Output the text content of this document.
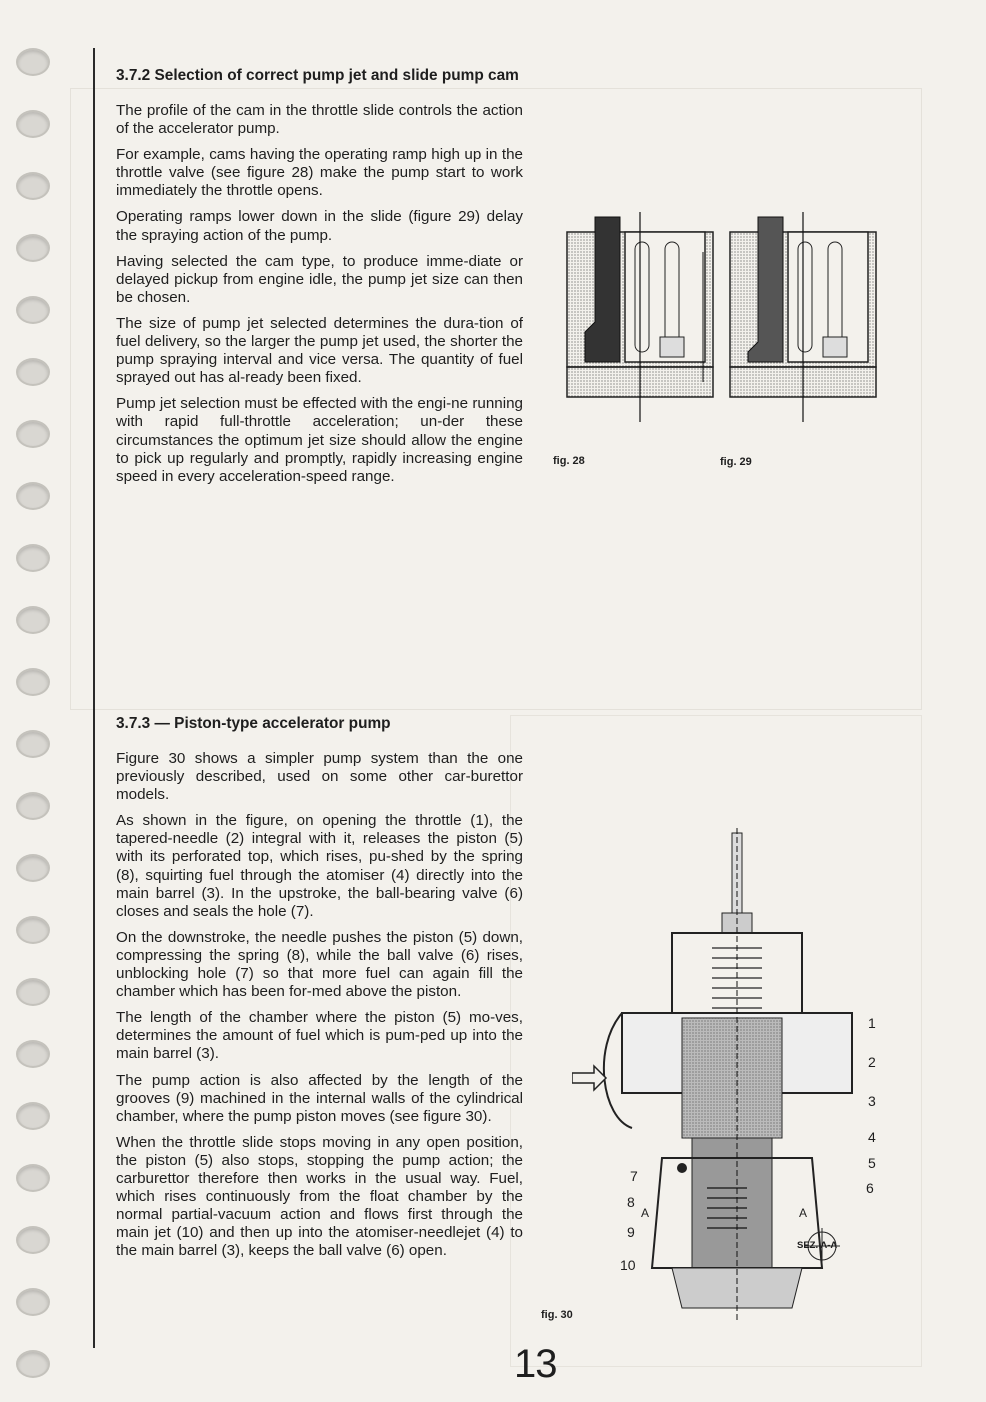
3.7.2 Selection of correct pump jet and slide pump cam

The profile of the cam in the throttle slide controls the action of the accelerator pump.

For example, cams having the operating ramp high up in the throttle valve (see figure 28) make the pump start to work immediately the throttle opens.

Operating ramps lower down in the slide (figure 29) delay the spraying action of the pump.

Having selected the cam type, to produce imme-diate or delayed pickup from engine idle, the pump jet size can then be chosen.

The size of pump jet selected determines the dura-tion of fuel delivery, so the larger the pump jet used, the shorter the pump spraying interval and vice versa. The quantity of fuel sprayed out has al-ready been fixed.

Pump jet selection must be effected with the engi-ne running with rapid full-throttle acceleration; un-der these circumstances the optimum jet size should allow the engine to pick up regularly and promptly, rapidly increasing engine speed in every acceleration-speed range.

3.7.3 — Piston-type accelerator pump

Figure 30 shows a simpler pump system than the one previously described, used on some other car-burettor models.

As shown in the figure, on opening the throttle (1), the tapered-needle (2) integral with it, releases the piston (5) with its perforated top, which rises, pu-shed by the spring (8), squirting fuel through the atomiser (4) directly into the main barrel (3). In the upstroke, the ball-bearing valve (6) closes and seals the hole (7).

On the downstroke, the needle pushes the piston (5) down, compressing the spring (8), while the ball valve (6) rises, unblocking hole (7) so that more fuel can again fill the chamber which has been for-med above the piston.

The length of the chamber where the piston (5) mo-ves, determines the amount of fuel which is pum-ped up into the main barrel (3).

The pump action is also affected by the length of the grooves (9) machined in the internal walls of the cylindrical chamber, where the pump piston moves (see figure 30).

When the throttle slide stops moving in any open position, the piston (5) also stops, stopping the pump action; the carburettor therefore then works in the usual way. Fuel, which rises continuously from the float chamber by the normal partial-vacuum action and flows first through the main jet (10) and then up into the atomiser-needlejet (4) to the main barrel (3), keeps the ball valve (6) open.

fig. 28	fig. 29
1
2
3
4
5
6
7
8
9
10
A	A
SEZ. A-A
fig. 30
13
